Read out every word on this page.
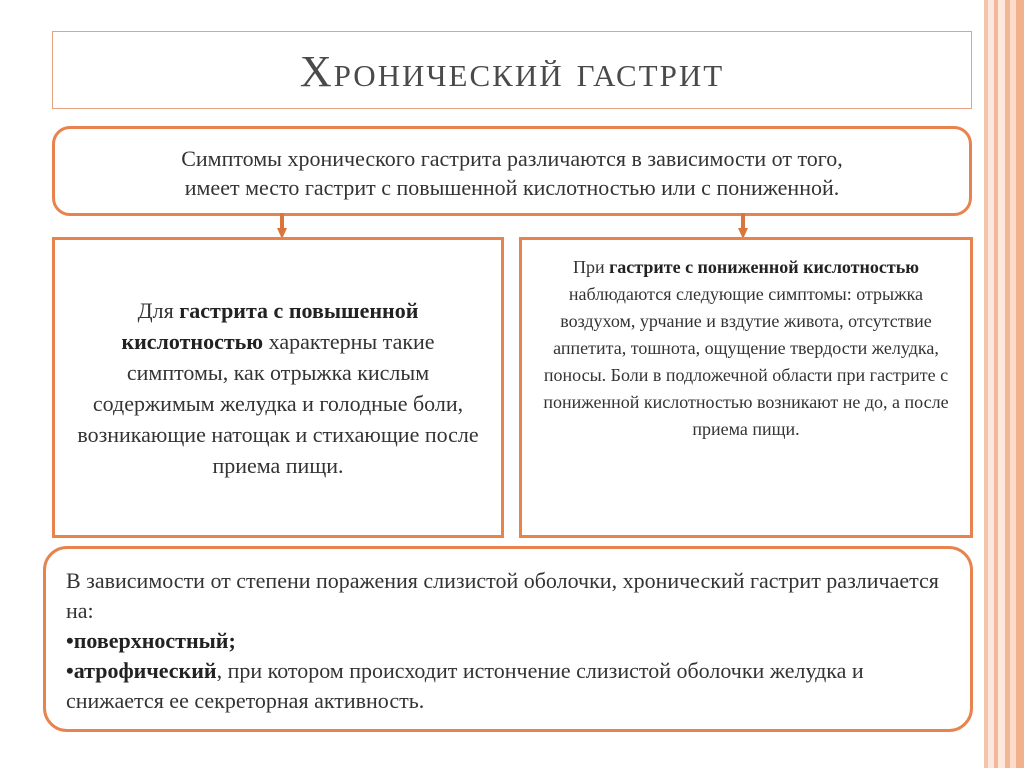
Хронический гастрит
Симптомы хронического гастрита различаются в зависимости от того,
имеет место гастрит с повышенной кислотностью или с пониженной.
Для гастрита с повышенной кислотностью характерны такие симптомы, как отрыжка кислым содержимым желудка и голодные боли, возникающие натощак и стихающие после приема пищи.
При гастрите с пониженной кислотностью наблюдаются следующие симптомы: отрыжка воздухом, урчание и вздутие живота, отсутствие аппетита, тошнота, ощущение твердости желудка, поносы. Боли в подложечной области при гастрите с пониженной кислотностью возникают не до, а после приема пищи.
В зависимости от степени поражения слизистой оболочки, хронический гастрит различается на:
•поверхностный;
•атрофический, при котором происходит истончение слизистой оболочки желудка и снижается ее секреторная активность.
